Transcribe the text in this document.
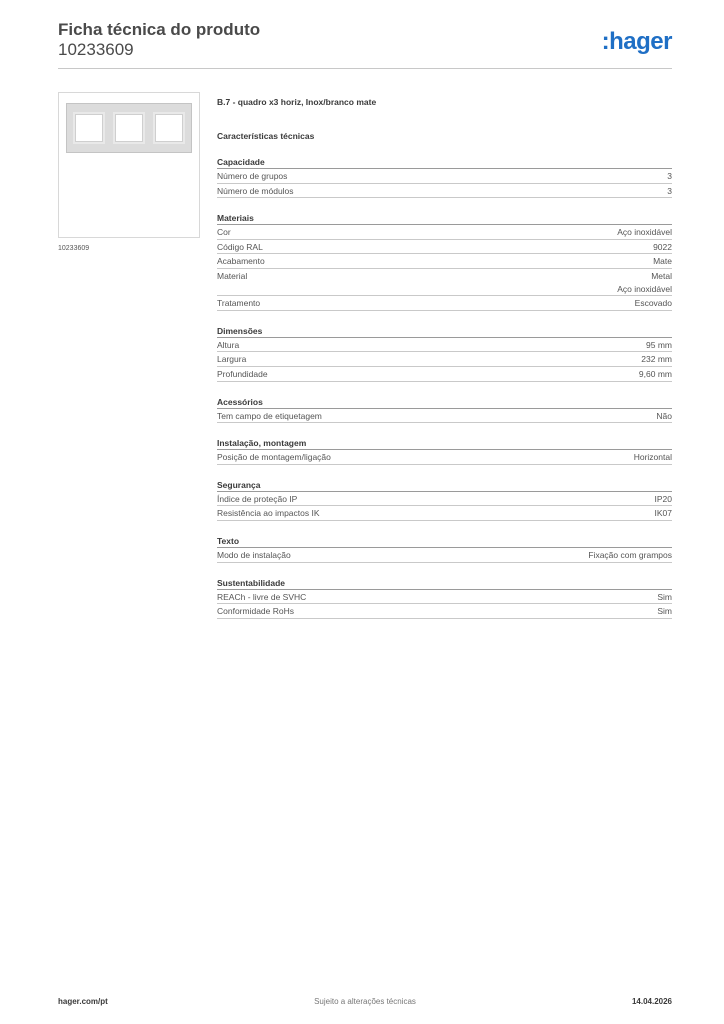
Ficha técnica do produto
10233609	:hager
10233609
B.7 - quadro x3 horiz, Inox/branco mate
Características técnicas
Capacidade
Número de grupos	3
Número de módulos	3
Materiais
Cor	Aço inoxidável
Código RAL	9022
Acabamento	Mate
Material	Metal
Aço inoxidável
Tratamento	Escovado
Dimensões
Altura	95 mm
Largura	232 mm
Profundidade	9,60 mm
Acessórios
Tem campo de etiquetagem	Não
Instalação, montagem
Posição de montagem/ligação	Horizontal
Segurança
Índice de proteção IP	IP20
Resistência ao impactos IK	IK07
Texto
Modo de instalação	Fixação com grampos
Sustentabilidade
REACh - livre de SVHC	Sim
Conformidade RoHs	Sim
hager.com/pt	Sujeito a alterações técnicas	14.04.2026
